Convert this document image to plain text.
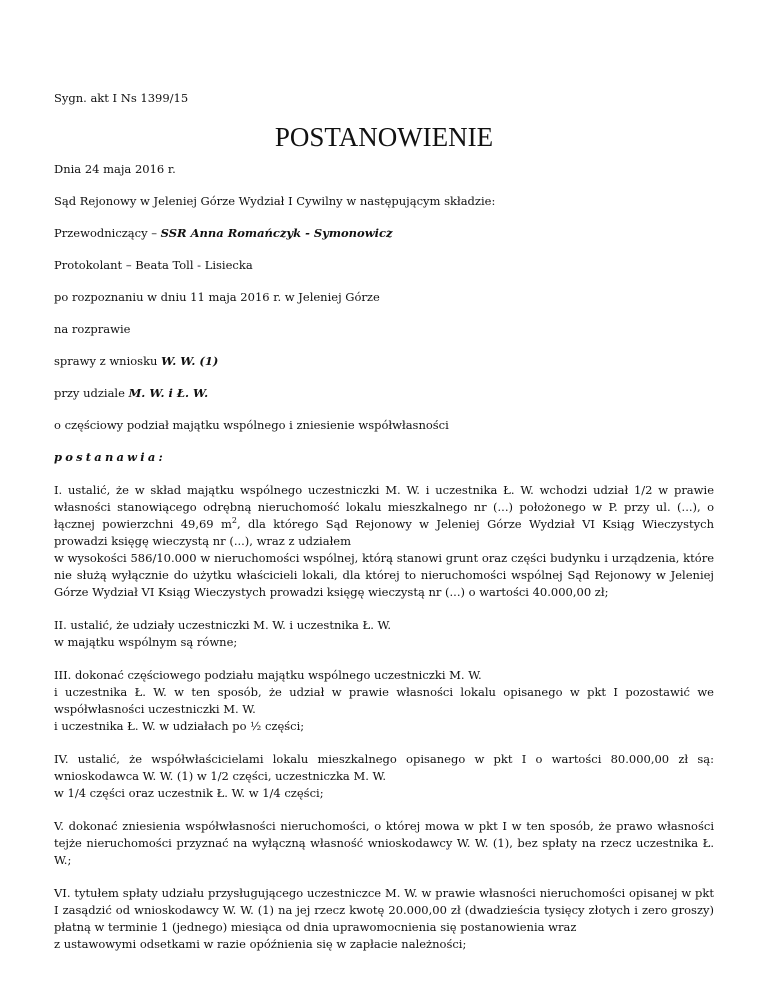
Sygn. akt I Ns 1399/15
POSTANOWIENIE
Dnia 24 maja 2016 r.
Sąd Rejonowy w Jeleniej Górze Wydział I Cywilny w następującym składzie:
Przewodniczący – SSR Anna Romańczyk - Symonowicz
Protokolant – Beata Toll - Lisiecka
po rozpoznaniu w dniu 11 maja 2016 r. w Jeleniej Górze
na rozprawie
sprawy z wniosku W. W. (1)
przy udziale M. W. i Ł. W.
o częściowy podział majątku wspólnego i zniesienie współwłasności
postanawia:
I. ustalić, że w skład majątku wspólnego uczestniczki M. W. i uczestnika Ł. W. wchodzi udział 1/2 w prawie własności stanowiącego odrębną nieruchomość lokalu mieszkalnego nr (...) położonego w P. przy ul. (...), o łącznej powierzchni 49,69 $m^2$, dla którego Sąd Rejonowy w Jeleniej Górze Wydział VI Ksiąg Wieczystych prowadzi księgę wieczystą nr (...), wraz z udziałem
w wysokości 586/10.000 w nieruchomości wspólnej, którą stanowi grunt oraz części budynku i urządzenia, które nie służą wyłącznie do użytku właścicieli lokali, dla której to nieruchomości wspólnej Sąd Rejonowy w Jeleniej Górze Wydział VI Ksiąg Wieczystych prowadzi księgę wieczystą nr (...) o wartości 40.000,00 zł;
II. ustalić, że udziały uczestniczki M. W. i uczestnika Ł. W.
w majątku wspólnym są równe;
III. dokonać częściowego podziału majątku wspólnego uczestniczki M. W.
i uczestnika Ł. W. w ten sposób, że udział w prawie własności lokalu opisanego w pkt I pozostawić we współwłasności uczestniczki M. W.
i uczestnika Ł. W. w udziałach po ½ części;
IV. ustalić, że współwłaścicielami lokalu mieszkalnego opisanego w pkt I o wartości 80.000,00 zł są: wnioskodawca W. W. (1) w 1/2 części, uczestniczka M. W.
w 1/4 części oraz uczestnik Ł. W. w 1/4 części;
V. dokonać zniesienia współwłasności nieruchomości, o której mowa w pkt I w ten sposób, że prawo własności tejże nieruchomości przyznać na wyłączną własność wnioskodawcy W. W. (1), bez spłaty na rzecz uczestnika Ł. W.;
VI. tytułem spłaty udziału przysługującego uczestniczce M. W. w prawie własności nieruchomości opisanej w pkt I zasądzić od wnioskodawcy W. W. (1) na jej rzecz kwotę 20.000,00 zł (dwadzieścia tysięcy złotych i zero groszy) płatną w terminie 1 (jednego) miesiąca od dnia uprawomocnienia się postanowienia wraz
z ustawowymi odsetkami w razie opóźnienia się w zapłacie należności;
